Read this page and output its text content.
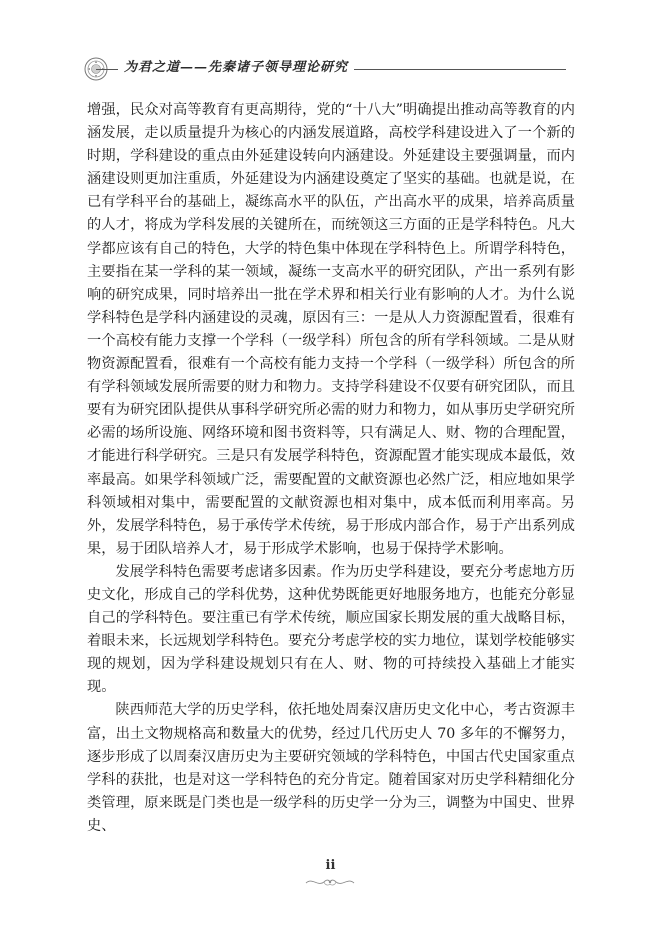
为君之道——先秦诸子领导理论研究

增强，民众对高等教育有更高期待，党的“十八大”明确提出推动高等教育的内涵发展，走以质量提升为核心的内涵发展道路，高校学科建设进入了一个新的时期，学科建设的重点由外延建设转向内涵建设。外延建设主要强调量，而内涵建设则更加注重质，外延建设为内涵建设奠定了坚实的基础。也就是说，在已有学科平台的基础上，凝练高水平的队伍，产出高水平的成果，培养高质量的人才，将成为学科发展的关键所在，而统领这三方面的正是学科特色。凡大学都应该有自己的特色，大学的特色集中体现在学科特色上。所谓学科特色，主要指在某一学科的某一领域，凝练一支高水平的研究团队，产出一系列有影响的研究成果，同时培养出一批在学术界和相关行业有影响的人才。为什么说学科特色是学科内涵建设的灵魂，原因有三：一是从人力资源配置看，很难有一个高校有能力支撑一个学科（一级学科）所包含的所有学科领域。二是从财物资源配置看，很难有一个高校有能力支持一个学科（一级学科）所包含的所有学科领域发展所需要的财力和物力。支持学科建设不仅要有研究团队，而且要有为研究团队提供从事科学研究所必需的财力和物力，如从事历史学研究所必需的场所设施、网络环境和图书资料等，只有满足人、财、物的合理配置，才能进行科学研究。三是只有发展学科特色，资源配置才能实现成本最低，效率最高。如果学科领域广泛，需要配置的文献资源也必然广泛，相应地如果学科领域相对集中，需要配置的文献资源也相对集中，成本低而利用率高。另外，发展学科特色，易于承传学术传统，易于形成内部合作，易于产出系列成果，易于团队培养人才，易于形成学术影响，也易于保持学术影响。

发展学科特色需要考虑诸多因素。作为历史学科建设，要充分考虑地方历史文化，形成自己的学科优势，这种优势既能更好地服务地方，也能充分彰显自己的学科特色。要注重已有学术传统，顺应国家长期发展的重大战略目标，着眼未来，长远规划学科特色。要充分考虑学校的实力地位，谋划学校能够实现的规划，因为学科建设规划只有在人、财、物的可持续投入基础上才能实现。

陕西师范大学的历史学科，依托地处周秦汉唐历史文化中心，考古资源丰富，出土文物规格高和数量大的优势，经过几代历史人 70 多年的不懈努力，逐步形成了以周秦汉唐历史为主要研究领域的学科特色，中国古代史国家重点学科的获批，也是对这一学科特色的充分肯定。随着国家对历史学科精细化分类管理，原来既是门类也是一级学科的历史学一分为三，调整为中国史、世界史、

ii
